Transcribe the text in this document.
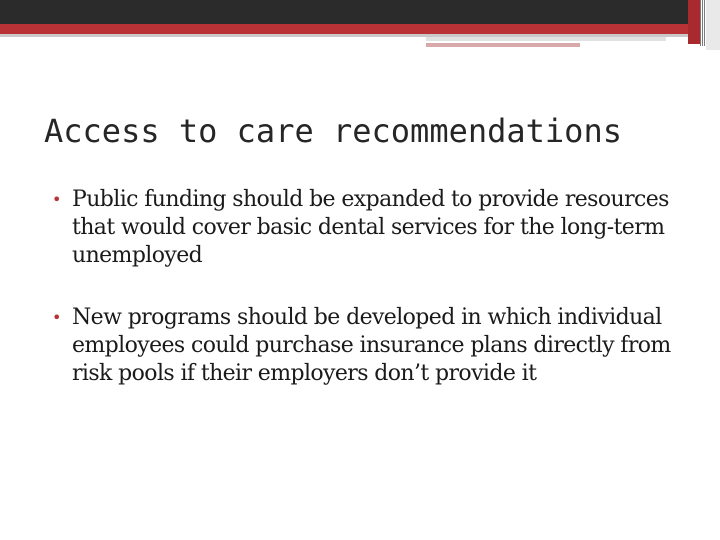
Access to care recommendations
• Public funding should be expanded to provide resources that would cover basic dental services for the long-term unemployed
• New programs should be developed in which individual employees could purchase insurance plans directly from risk pools if their employers don’t provide it
